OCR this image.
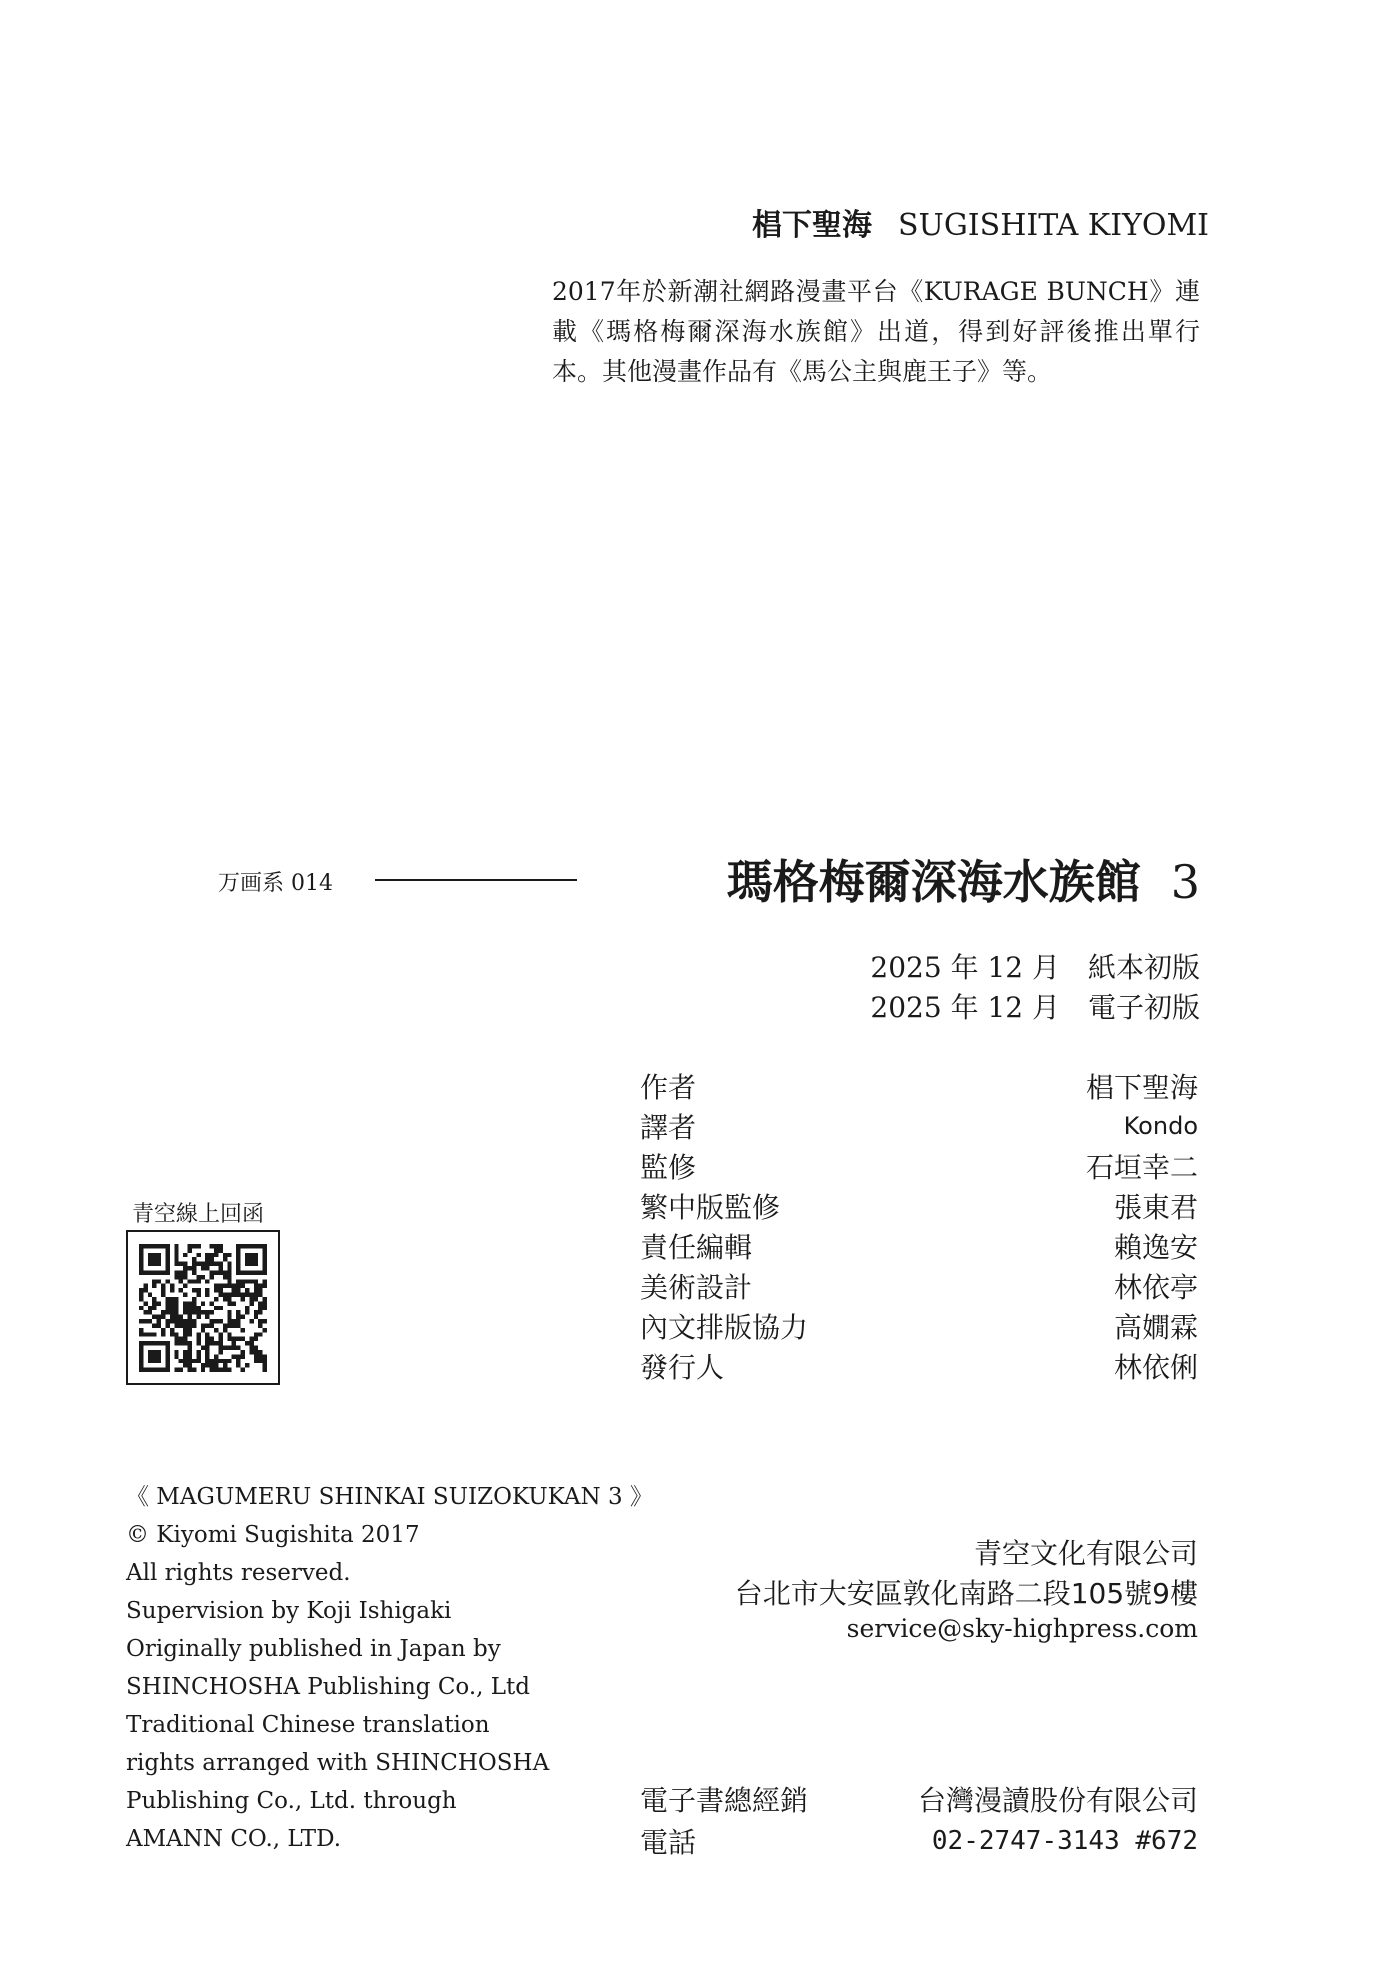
椙下聖海 SUGISHITA KIYOMI
2017年於新潮社網路漫畫平台《KURAGE BUNCH》連
載《瑪格梅爾深海水族館》出道，得到好評後推出單行
本。其他漫畫作品有《馬公主與鹿王子》等。
万画系 014	瑪格梅爾深海水族館 3
2025 年 12 月　紙本初版
2025 年 12 月　電子初版
作者	椙下聖海
譯者	Kondo
監修	石垣幸二
繁中版監修	張東君
責任編輯	賴逸安
美術設計	林依亭
內文排版協力	高嫺霖
發行人	林依俐
青空線上回函
《 MAGUMERU SHINKAI SUIZOKUKAN 3 》
© Kiyomi Sugishita 2017
All rights reserved.
Supervision by Koji Ishigaki
Originally published in Japan by
SHINCHOSHA Publishing Co., Ltd
Traditional Chinese translation
rights arranged with SHINCHOSHA
Publishing Co., Ltd. through
AMANN CO., LTD.
青空文化有限公司
台北市大安區敦化南路二段105號9樓
service@sky-highpress.com
電子書總經銷	台灣漫讀股份有限公司
電話	02-2747-3143 #672
